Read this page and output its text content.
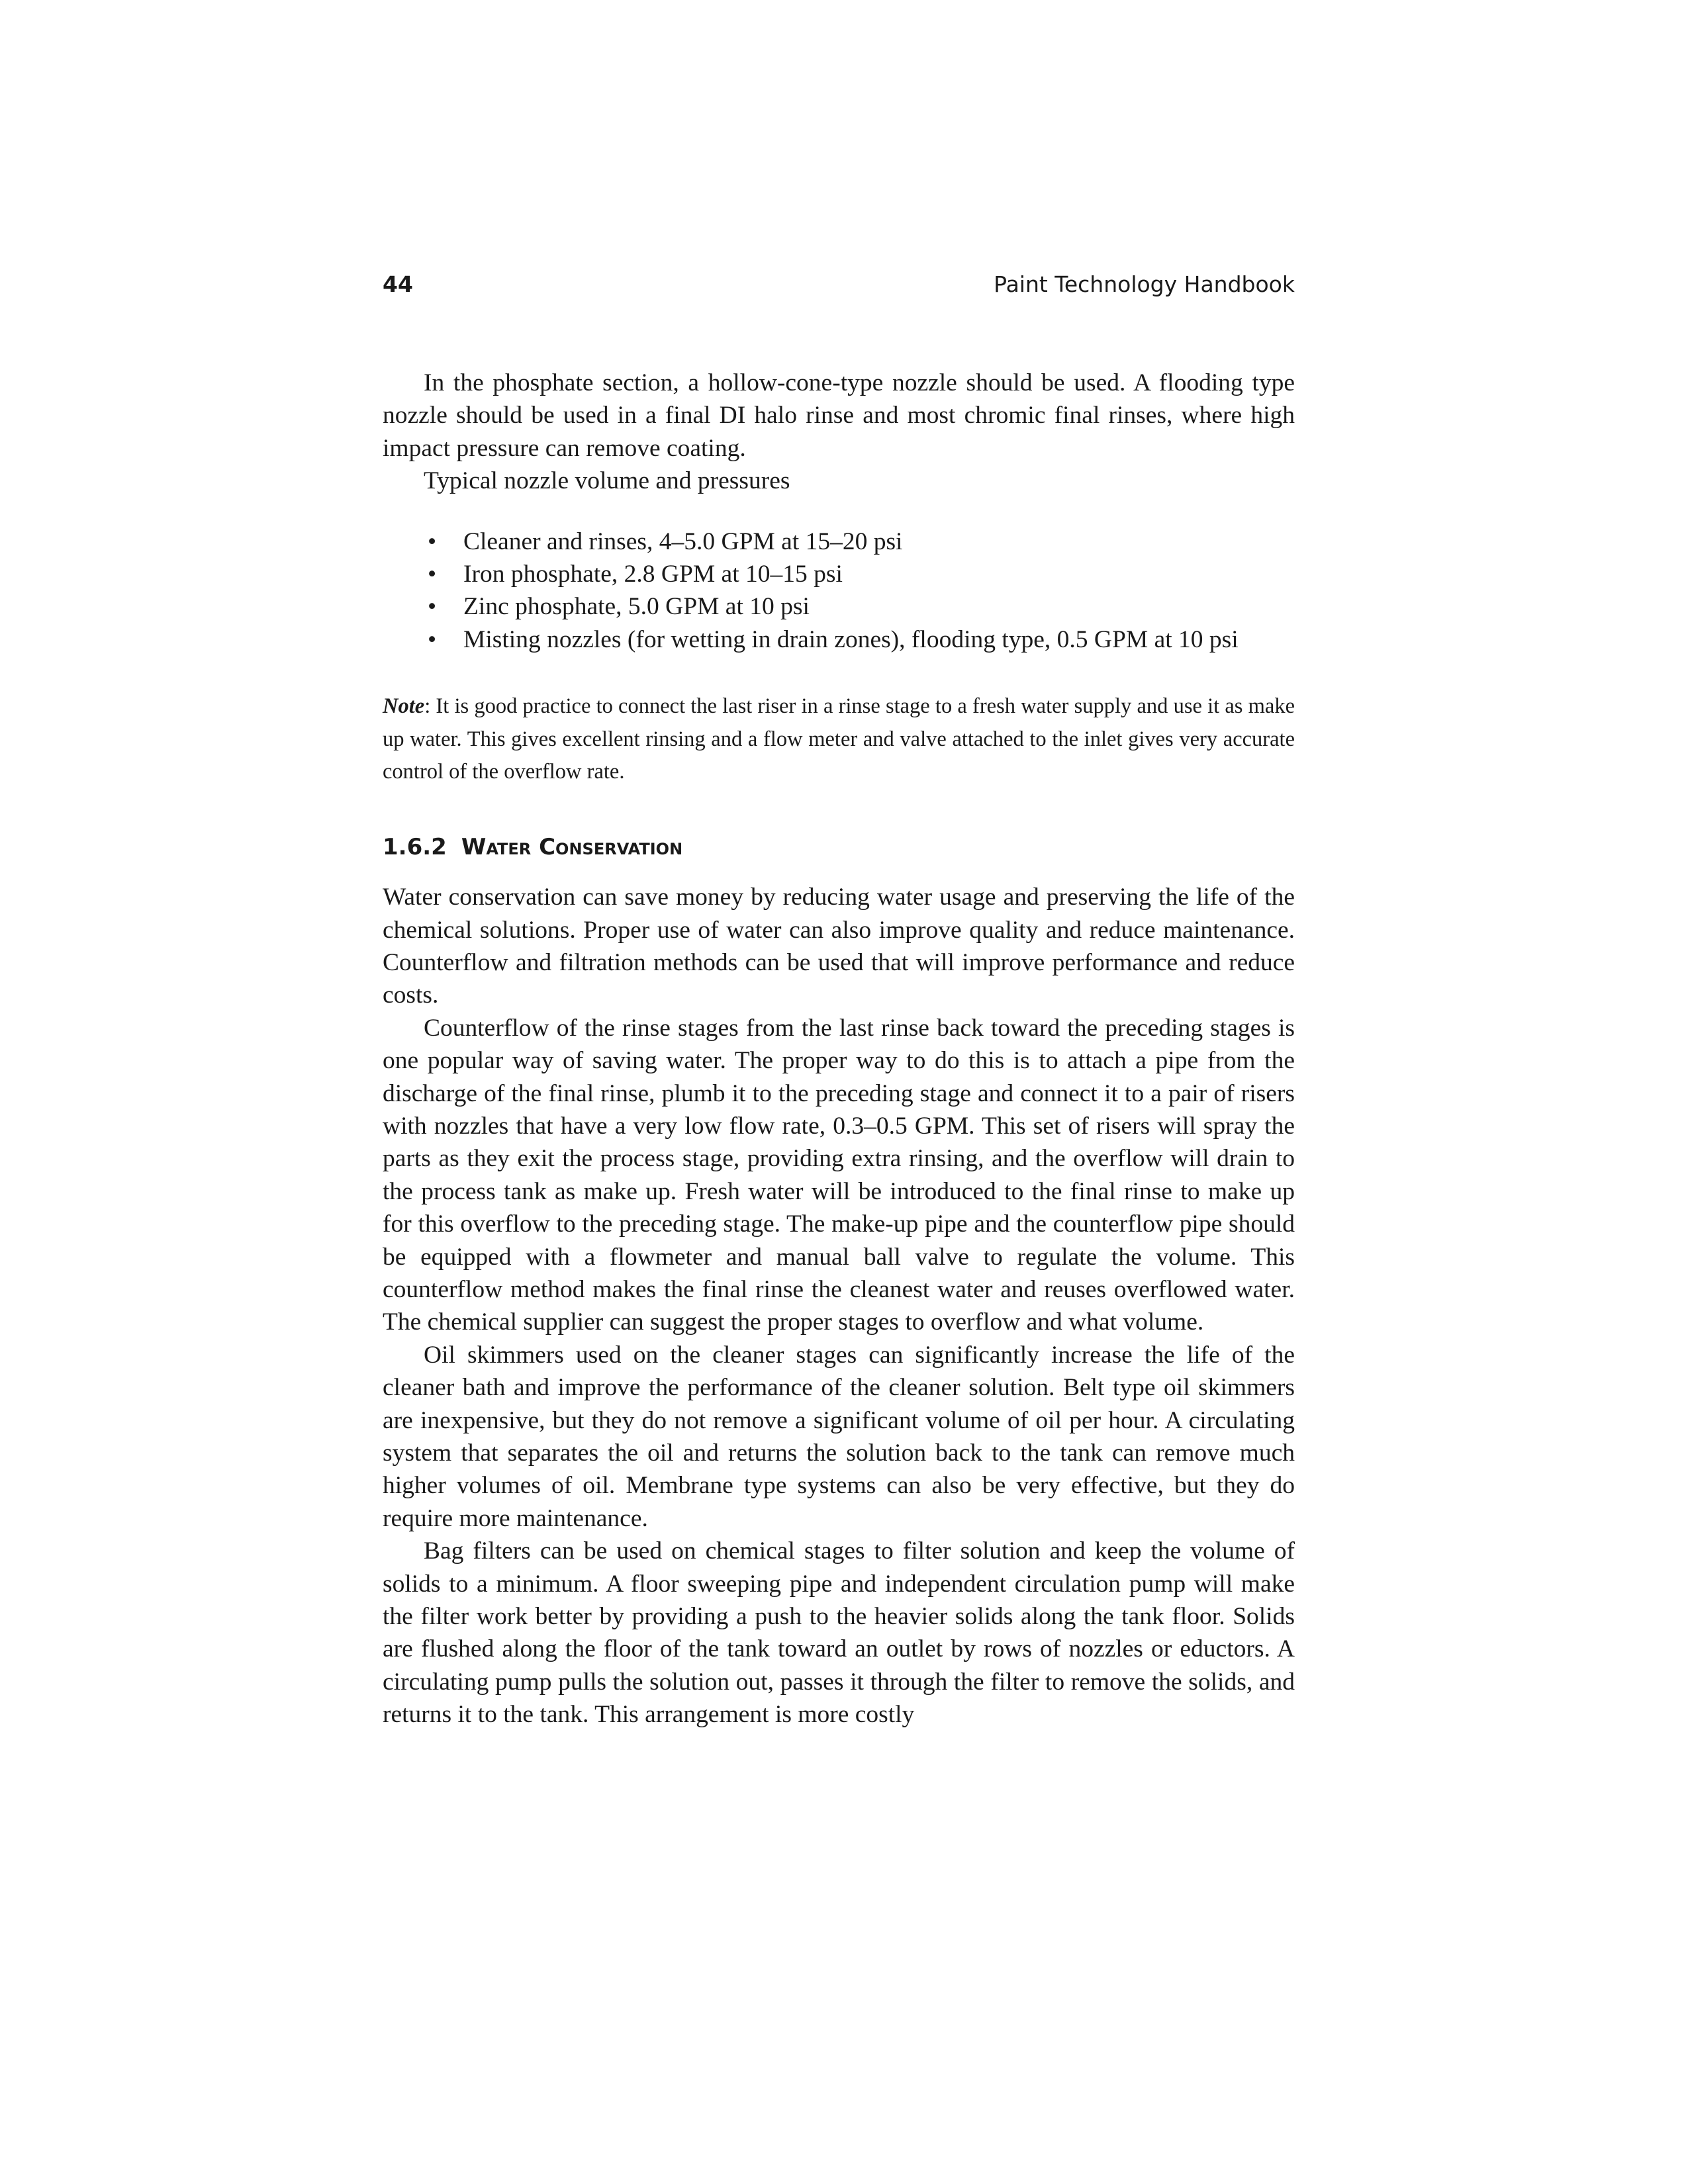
44	Paint Technology Handbook

In the phosphate section, a hollow-cone-type nozzle should be used. A flooding type nozzle should be used in a final DI halo rinse and most chromic final rinses, where high impact pressure can remove coating.

Typical nozzle volume and pressures

• Cleaner and rinses, 4–5.0 GPM at 15–20 psi
• Iron phosphate, 2.8 GPM at 10–15 psi
• Zinc phosphate, 5.0 GPM at 10 psi
• Misting nozzles (for wetting in drain zones), flooding type, 0.5 GPM at 10 psi

Note: It is good practice to connect the last riser in a rinse stage to a fresh water supply and use it as make up water. This gives excellent rinsing and a flow meter and valve attached to the inlet gives very accurate control of the overflow rate.

1.6.2 Water Conservation

Water conservation can save money by reducing water usage and preserving the life of the chemical solutions. Proper use of water can also improve quality and reduce maintenance. Counterflow and filtration methods can be used that will improve performance and reduce costs.

Counterflow of the rinse stages from the last rinse back toward the preceding stages is one popular way of saving water. The proper way to do this is to attach a pipe from the discharge of the final rinse, plumb it to the preceding stage and connect it to a pair of risers with nozzles that have a very low flow rate, 0.3–0.5 GPM. This set of risers will spray the parts as they exit the process stage, providing extra rinsing, and the overflow will drain to the process tank as make up. Fresh water will be introduced to the final rinse to make up for this overflow to the preceding stage. The make-up pipe and the counterflow pipe should be equipped with a flowmeter and manual ball valve to regulate the volume. This counterflow method makes the final rinse the cleanest water and reuses overflowed water. The chemical supplier can suggest the proper stages to overflow and what volume.

Oil skimmers used on the cleaner stages can significantly increase the life of the cleaner bath and improve the performance of the cleaner solution. Belt type oil skimmers are inexpensive, but they do not remove a significant volume of oil per hour. A circulating system that separates the oil and returns the solution back to the tank can remove much higher volumes of oil. Membrane type systems can also be very effective, but they do require more maintenance.

Bag filters can be used on chemical stages to filter solution and keep the volume of solids to a minimum. A floor sweeping pipe and independent circulation pump will make the filter work better by providing a push to the heavier solids along the tank floor. Solids are flushed along the floor of the tank toward an outlet by rows of nozzles or eductors. A circulating pump pulls the solution out, passes it through the filter to remove the solids, and returns it to the tank. This arrangement is more costly
